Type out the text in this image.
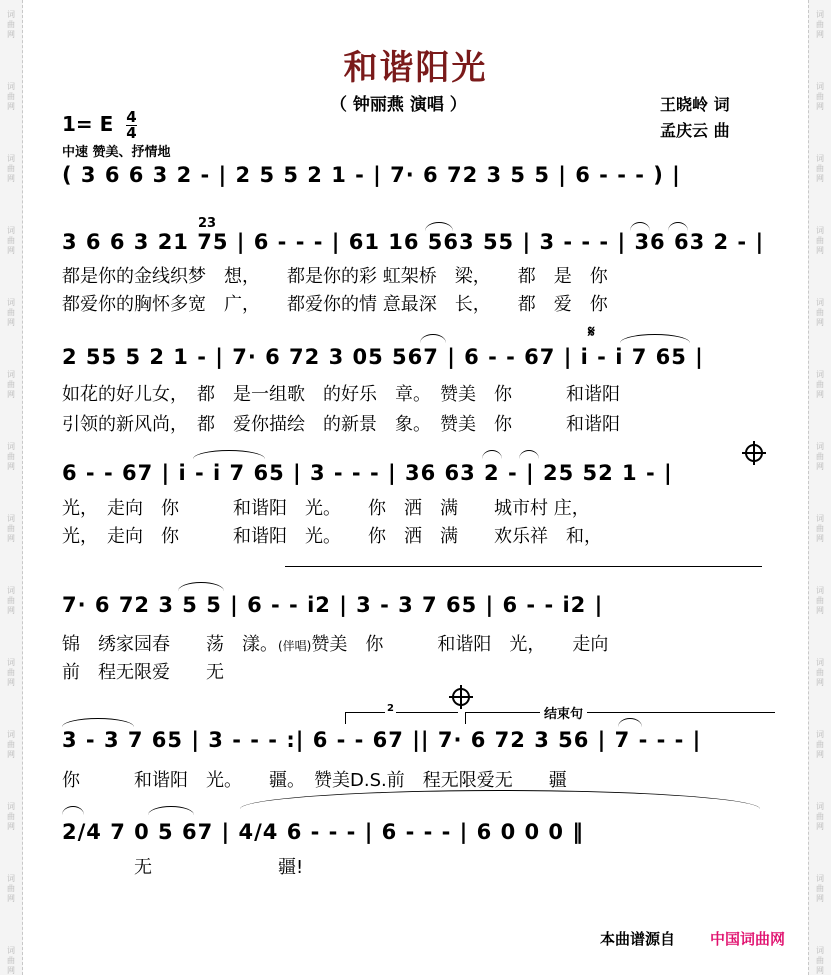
词
曲
网
词
曲
网
词
曲
网
词
曲
网
词
曲
网
词
曲
网
词
曲
网
词
曲
网
词
曲
网
词
曲
网
词
曲
网
词
曲
网
词
曲
网
词
曲
网
词
曲
网
词
曲
网
词
曲
网
词
曲
网
词
曲
网
词
曲
网
词
曲
网
词
曲
网
词
曲
网
词
曲
网
词
曲
网
词
曲
网
词
曲
网
词
曲
网
和谐阳光
（ 钟丽燕 演唱 ）	王晓岭 词
孟庆云 曲
1= E $\frac{4}{4}$
中速 赞美、抒情地
( 3 6 6 3 2 - | 2 5 5 2 1 - | 7· 6 72 3 5 5 | 6 - - - ) |
23
3 6 6 3 21 75 | 6 - - - | 61 16 563 55 | 3 - - - | 36 63 2 - |
都是你的金线织梦　想，　　都是你的彩 虹架桥　梁，　　都　是　你
都爱你的胸怀多宽　广，　　都爱你的情 意最深　长，　　都　爱　你
𝄋
2 55 5 2 1 - | 7· 6 72 3 05 567 | 6 - - 67 | i - i 7 65 |
如花的好儿女，　都　是一组歌　的好乐　章。　赞美　你　　　和谐阳
引领的新风尚，　都　爱你描绘　的新景　象。　赞美　你　　　和谐阳
6 - - 67 | i - i 7 65 | 3 - - - | 36 63 2 - | 25 52 1 - |
光，　走向　你　　　和谐阳　光。　　你　洒　满　　城市村 庄，
光，　走向　你　　　和谐阳　光。　　你　洒　满　　欢乐祥　和，
7· 6 72 3 5 5 | 6 - - i2 | 3 - 3 7 65 | 6 - - i2 |
锦　绣家园春　　荡　漾。(伴唱)赞美　你　　　和谐阳　光，　　走向
前　程无限爱　　无
2	结束句
3 - 3 7 65 | 3 - - - :| 6 - - 67 || 7· 6 72 3 56 | 7 - - - |
你　　　和谐阳　光。　　疆。　赞美D.S.前　程无限爱无　　疆
2/4 7 0 5 67 | 4/4 6 - - - | 6 - - - | 6 0 0 0 ‖
　　　　无　　　　　　　疆!
本曲谱源自 中国词曲网
